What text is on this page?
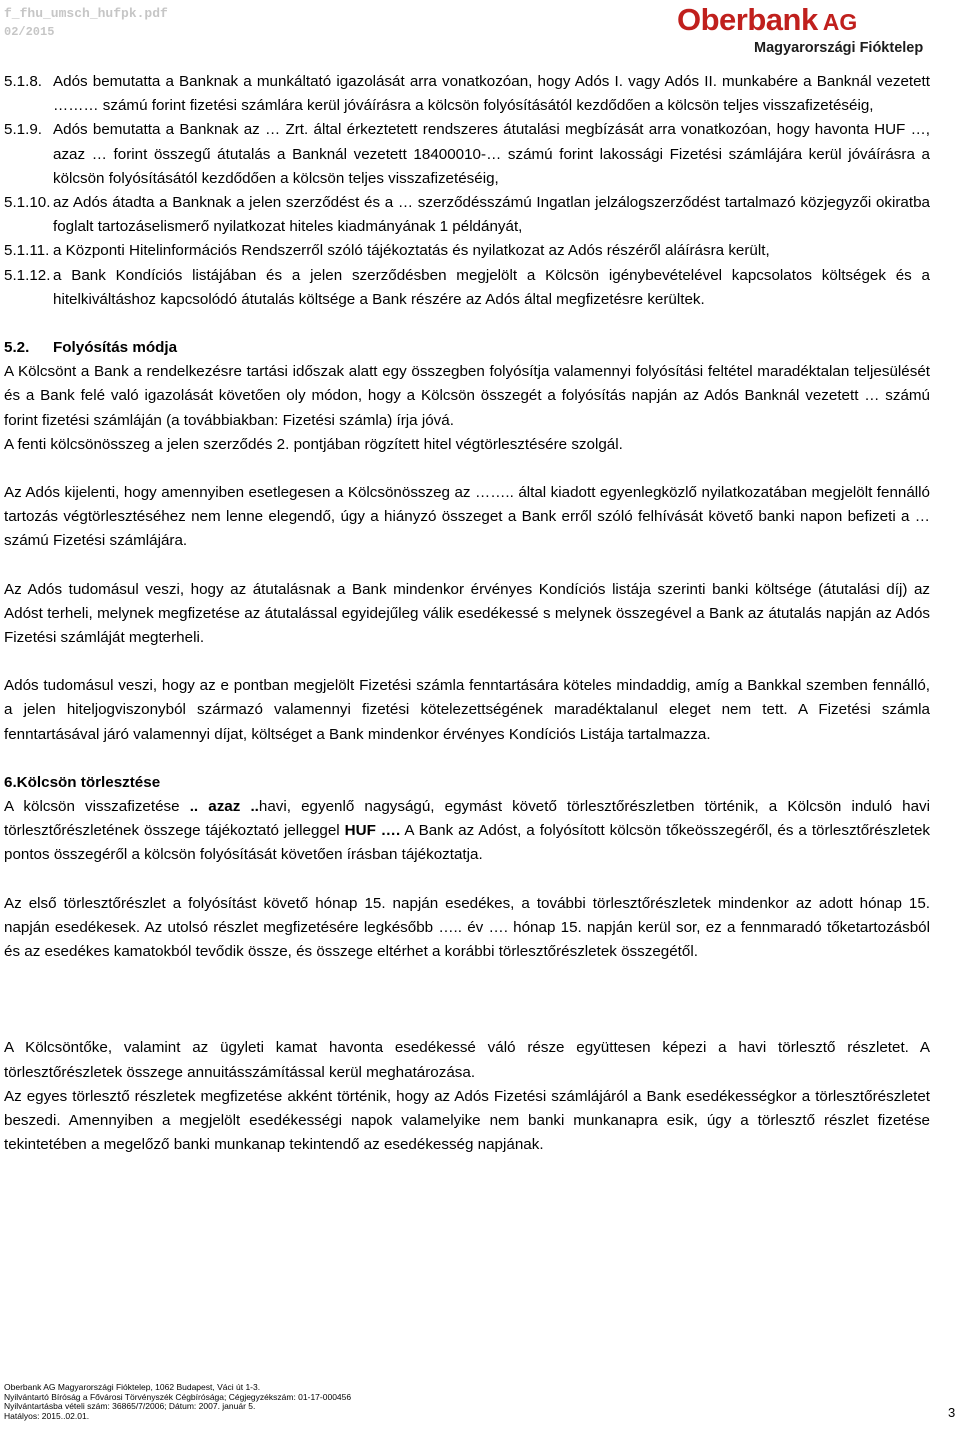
f_fhu_umsch_hufpk.pdf
02/2015	Oberbank AG
Magyarországi Fióktelep
5.1.8. Adós bemutatta a Banknak a munkáltató igazolását arra vonatkozóan, hogy Adós I. vagy Adós II. munkabére a Banknál vezetett ……… számú forint fizetési számlára kerül jóváírásra a kölcsön folyósításától kezdődően a kölcsön teljes visszafizetéséig,
5.1.9. Adós bemutatta a Banknak az … Zrt. által érkeztetett rendszeres átutalási megbízását arra vonatkozóan, hogy havonta HUF …, azaz … forint összegű átutalás a Banknál vezetett 18400010-… számú forint lakossági Fizetési számlájára kerül jóváírásra a kölcsön folyósításától kezdődően a kölcsön teljes visszafizetéséig,
5.1.10. az Adós átadta a Banknak a jelen szerződést és a … szerződésszámú Ingatlan jelzálogszerződést tartalmazó közjegyzői okiratba foglalt tartozáselismerő nyilatkozat hiteles kiadmányának 1 példányát,
5.1.11. a Központi Hitelinformációs Rendszerről szóló tájékoztatás és nyilatkozat az Adós részéről aláírásra került,
5.1.12. a Bank Kondíciós listájában és a jelen szerződésben megjelölt a Kölcsön igénybevételével kapcsolatos költségek és a hitelkiváltáshoz kapcsolódó átutalás költsége a Bank részére az Adós által megfizetésre kerültek.
5.2.	Folyósítás módja

A Kölcsönt a Bank a rendelkezésre tartási időszak alatt egy összegben folyósítja valamennyi folyósítási feltétel maradéktalan teljesülését és a Bank felé való igazolását követően oly módon, hogy a Kölcsön összegét a folyósítás napján az Adós Banknál vezetett … számú forint fizetési számláján (a továbbiakban: Fizetési számla) írja jóvá.

A fenti kölcsönösszeg a jelen szerződés 2. pontjában rögzített hitel végtörlesztésére szolgál.

Az Adós kijelenti, hogy amennyiben esetlegesen a Kölcsönösszeg az …….. által kiadott egyenlegközlő nyilatkozatában megjelölt fennálló tartozás végtörlesztéséhez nem lenne elegendő, úgy a hiányzó összeget a Bank erről szóló felhívását követő banki napon befizeti a … számú Fizetési számlájára.

Az Adós tudomásul veszi, hogy az átutalásnak a Bank mindenkor érvényes Kondíciós listája szerinti banki költsége (átutalási díj) az Adóst terheli, melynek megfizetése az átutalással egyidejűleg válik esedékessé s melynek összegével a Bank az átutalás napján az Adós Fizetési számláját megterheli.

Adós tudomásul veszi, hogy az e pontban megjelölt Fizetési számla fenntartására köteles mindaddig, amíg a Bankkal szemben fennálló, a jelen hiteljogviszonyból származó valamennyi fizetési kötelezettségének maradéktalanul eleget nem tett. A Fizetési számla fenntartásával járó valamennyi díjat, költséget a Bank mindenkor érvényes Kondíciós Listája tartalmazza.

6.Kölcsön törlesztése

A kölcsön visszafizetése .. azaz ..havi, egyenlő nagyságú, egymást követő törlesztőrészletben történik, a Kölcsön induló havi törlesztőrészletének összege tájékoztató jelleggel HUF …. A Bank az Adóst, a folyósított kölcsön tőkeösszegéről, és a törlesztőrészletek pontos összegéről a kölcsön folyósítását követően írásban tájékoztatja.

Az első törlesztőrészlet a folyósítást követő hónap 15. napján esedékes, a további törlesztőrészletek mindenkor az adott hónap 15. napján esedékesek. Az utolsó részlet megfizetésére legkésőbb ….. év …. hónap 15. napján kerül sor, ez a fennmaradó tőketartozásból és az esedékes kamatokból tevődik össze, és összege eltérhet a korábbi törlesztőrészletek összegétől.

A Kölcsöntőke, valamint az ügyleti kamat havonta esedékessé váló része együttesen képezi a havi törlesztő részletet. A törlesztőrészletek összege annuitásszámítással kerül meghatározása.

Az egyes törlesztő részletek megfizetése akként történik, hogy az Adós Fizetési számlájáról a Bank esedékességkor a törlesztőrészletet beszedi. Amennyiben a megjelölt esedékességi napok valamelyike nem banki munkanapra esik, úgy a törlesztő részlet fizetése tekintetében a megelőző banki munkanap tekintendő az esedékesség napjának.

Oberbank AG Magyarországi Fióktelep, 1062 Budapest, Váci út 1-3.
Nyilvántartó Bíróság a Fővárosi Törvényszék Cégbírósága; Cégjegyzékszám: 01-17-000456
Nyilvántartásba vételi szám: 36865/7/2006; Dátum: 2007. január 5.
Hatályos: 2015..02.01.	3
